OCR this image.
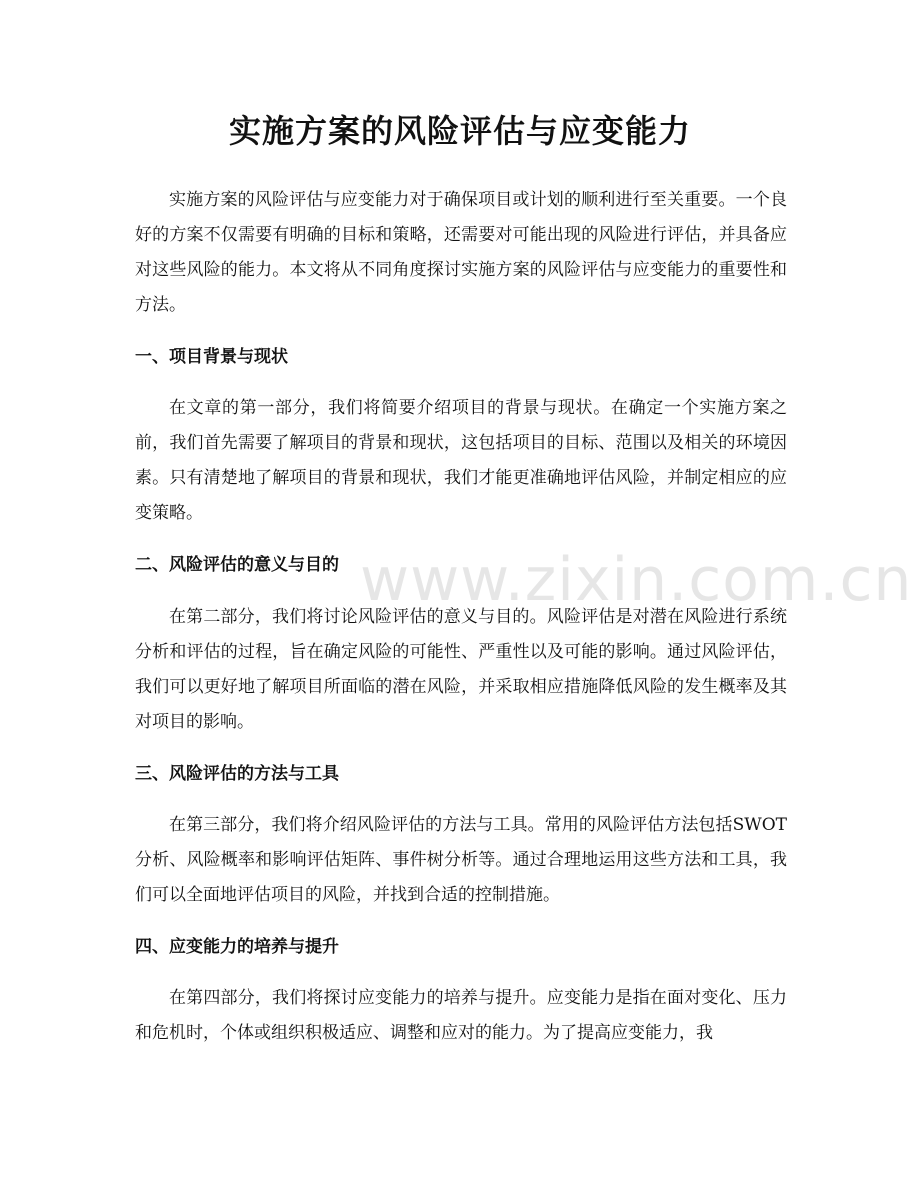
www.zixin.com.cn
实施方案的风险评估与应变能力

实施方案的风险评估与应变能力对于确保项目或计划的顺利进行至关重要。一个良好的方案不仅需要有明确的目标和策略，还需要对可能出现的风险进行评估，并具备应对这些风险的能力。本文将从不同角度探讨实施方案的风险评估与应变能力的重要性和方法。

一、项目背景与现状

在文章的第一部分，我们将简要介绍项目的背景与现状。在确定一个实施方案之前，我们首先需要了解项目的背景和现状，这包括项目的目标、范围以及相关的环境因素。只有清楚地了解项目的背景和现状，我们才能更准确地评估风险，并制定相应的应变策略。

二、风险评估的意义与目的

在第二部分，我们将讨论风险评估的意义与目的。风险评估是对潜在风险进行系统分析和评估的过程，旨在确定风险的可能性、严重性以及可能的影响。通过风险评估，我们可以更好地了解项目所面临的潜在风险，并采取相应措施降低风险的发生概率及其对项目的影响。

三、风险评估的方法与工具

在第三部分，我们将介绍风险评估的方法与工具。常用的风险评估方法包括SWOT分析、风险概率和影响评估矩阵、事件树分析等。通过合理地运用这些方法和工具，我们可以全面地评估项目的风险，并找到合适的控制措施。

四、应变能力的培养与提升

在第四部分，我们将探讨应变能力的培养与提升。应变能力是指在面对变化、压力和危机时，个体或组织积极适应、调整和应对的能力。为了提高应变能力，我
